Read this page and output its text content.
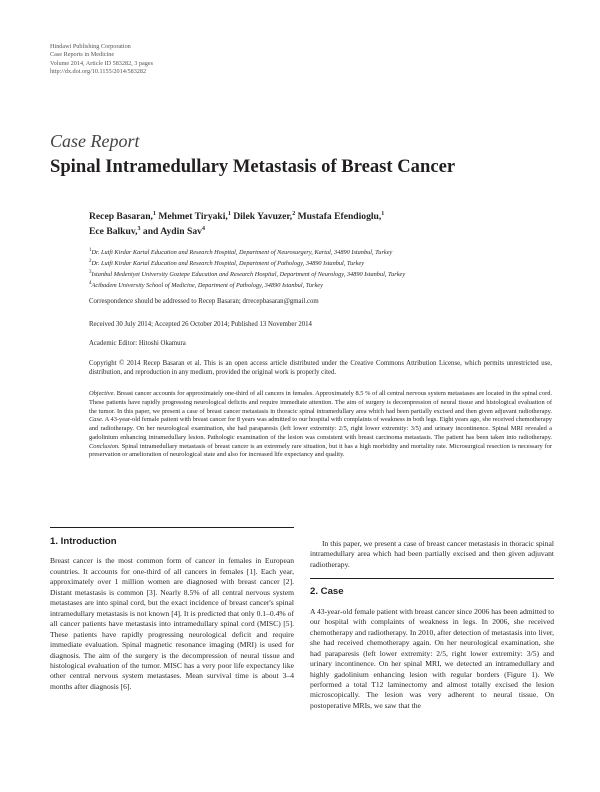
Hindawi Publishing Corporation
Case Reports in Medicine
Volume 2014, Article ID 583282, 3 pages
http://dx.doi.org/10.1155/2014/583282
Case Report
Spinal Intramedullary Metastasis of Breast Cancer
Recep Basaran,$^1$ Mehmet Tiryaki,$^1$ Dilek Yavuzer,$^2$ Mustafa Efendioglu,$^1$
Ece Balkuv,$^3$ and Aydin Sav$^4$
$^1$Dr. Lutfi Kirdar Kartal Education and Research Hospital, Department of Neurosurgery, Kartal, 34890 Istanbul, Turkey
$^2$Dr. Lutfi Kirdar Kartal Education and Research Hospital, Department of Pathology, 34890 Istanbul, Turkey
$^3$Istanbul Medeniyet University Goztepe Education and Research Hospital, Department of Neurology, 34890 Istanbul, Turkey
$^4$Acibadem University School of Medicine, Department of Pathology, 34890 Istanbul, Turkey
Correspondence should be addressed to Recep Basaran; drrecepbasaran@gmail.com
Received 30 July 2014; Accepted 26 October 2014; Published 13 November 2014
Academic Editor: Hitoshi Okamura
Copyright © 2014 Recep Basaran et al. This is an open access article distributed under the Creative Commons Attribution License, which permits unrestricted use, distribution, and reproduction in any medium, provided the original work is properly cited.
Objective. Breast cancer accounts for approximately one-third of all cancers in females. Approximately 8.5 % of all central nervous system metastases are located in the spinal cord. These patients have rapidly progressing neurological deficits and require immediate attention. The aim of surgery is decompression of neural tissue and histological evaluation of the tumor. In this paper, we present a case of breast cancer metastasis in thoracic spinal intramedullary area which had been partially excised and then given adjuvant radiotherapy. Case. A 43-year-old female patient with breast cancer for 8 years was admitted to our hospital with complaints of weakness in both legs. Eight years ago, she received chemotherapy and radiotherapy. On her neurological examination, she had paraparesis (left lower extremity: 2/5, right lower extremity: 3/5) and urinary incontinence. Spinal MRI revealed a gadolinium enhancing intramedullary lesion. Pathologic examination of the lesion was consistent with breast carcinoma metastasis. The patient has been taken into radiotherapy. Conclusion. Spinal intramedullary metastasis of breast cancer is an extremely rare situation, but it has a high morbidity and mortality rate. Microsurgical resection is necessary for preservation or amelioration of neurological state and also for increased life expectancy and quality.
1. Introduction

Breast cancer is the most common form of cancer in females in European countries. It accounts for one-third of all cancers in females [1]. Each year, approximately over 1 million women are diagnosed with breast cancer [2]. Distant metastasis is common [3]. Nearly 8.5% of all central nervous system metastases are into spinal cord, but the exact incidence of breast cancer's spinal intramedullary metastasis is not known [4]. It is predicted that only 0.1–0.4% of all cancer patients have metastasis into intramedullary spinal cord (MISC) [5]. These patients have rapidly progressing neurological deficit and require immediate evaluation. Spinal magnetic resonance imaging (MRI) is used for diagnosis. The aim of the surgery is the decompression of neural tissue and histological evaluation of the tumor. MISC has a very poor life expectancy like other central nervous system metastases. Mean survival time is about 3–4 months after diagnosis [6].

In this paper, we present a case of breast cancer metastasis in thoracic spinal intramedullary area which had been partially excised and then given adjuvant radiotherapy.

2. Case

A 43-year-old female patient with breast cancer since 2006 has been admitted to our hospital with complaints of weakness in legs. In 2006, she received chemotherapy and radiotherapy. In 2010, after detection of metastasis into liver, she had received chemotherapy again. On her neurological examination, she had paraparesis (left lower extremity: 2/5, right lower extremity: 3/5) and urinary incontinence. On her spinal MRI, we detected an intramedullary and highly gadolinium enhancing lesion with regular borders (Figure 1). We performed a total T12 laminectomy and almost totally excised the lesion microscopically. The lesion was very adherent to neural tissue. On postoperative MRIs, we saw that the
